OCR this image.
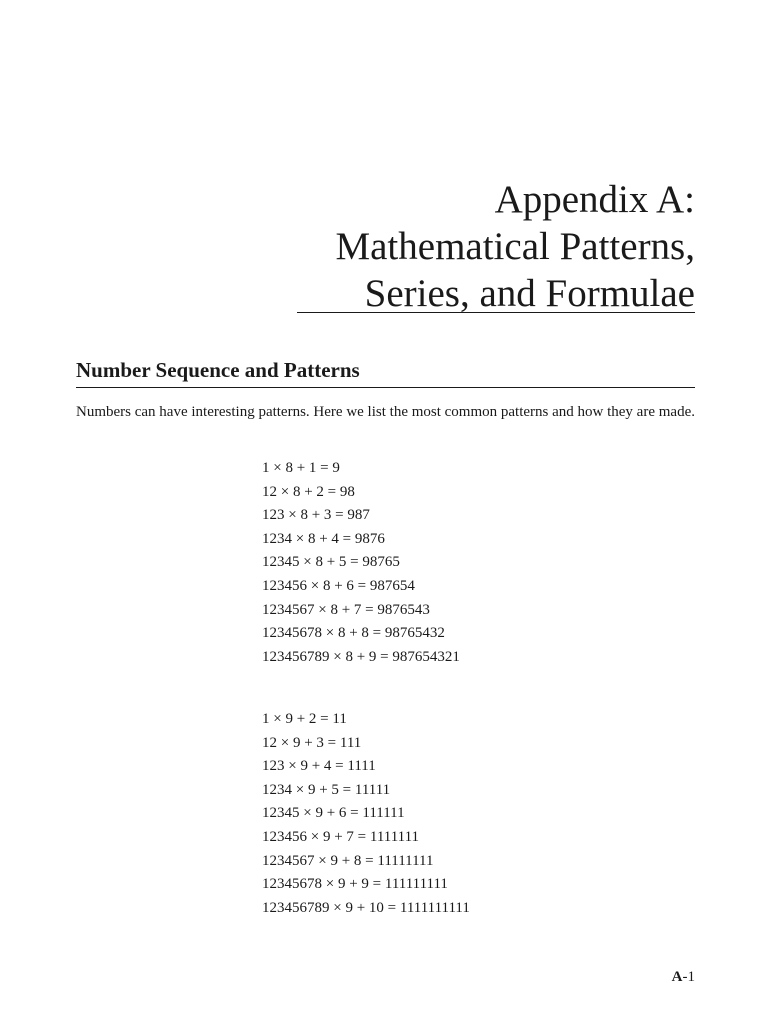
Appendix A:
Mathematical Patterns,
Series, and Formulae
Number Sequence and Patterns

Numbers can have interesting patterns. Here we list the most common patterns and how they are made.

1 × 8 + 1 = 9
12 × 8 + 2 = 98
123 × 8 + 3 = 987
1234 × 8 + 4 = 9876
12345 × 8 + 5 = 98765
123456 × 8 + 6 = 987654
1234567 × 8 + 7 = 9876543
12345678 × 8 + 8 = 98765432
123456789 × 8 + 9 = 987654321
1 × 9 + 2 = 11
12 × 9 + 3 = 111
123 × 9 + 4 = 1111
1234 × 9 + 5 = 11111
12345 × 9 + 6 = 111111
123456 × 9 + 7 = 1111111
1234567 × 9 + 8 = 11111111
12345678 × 9 + 9 = 111111111
123456789 × 9 + 10 = 1111111111
A-1
